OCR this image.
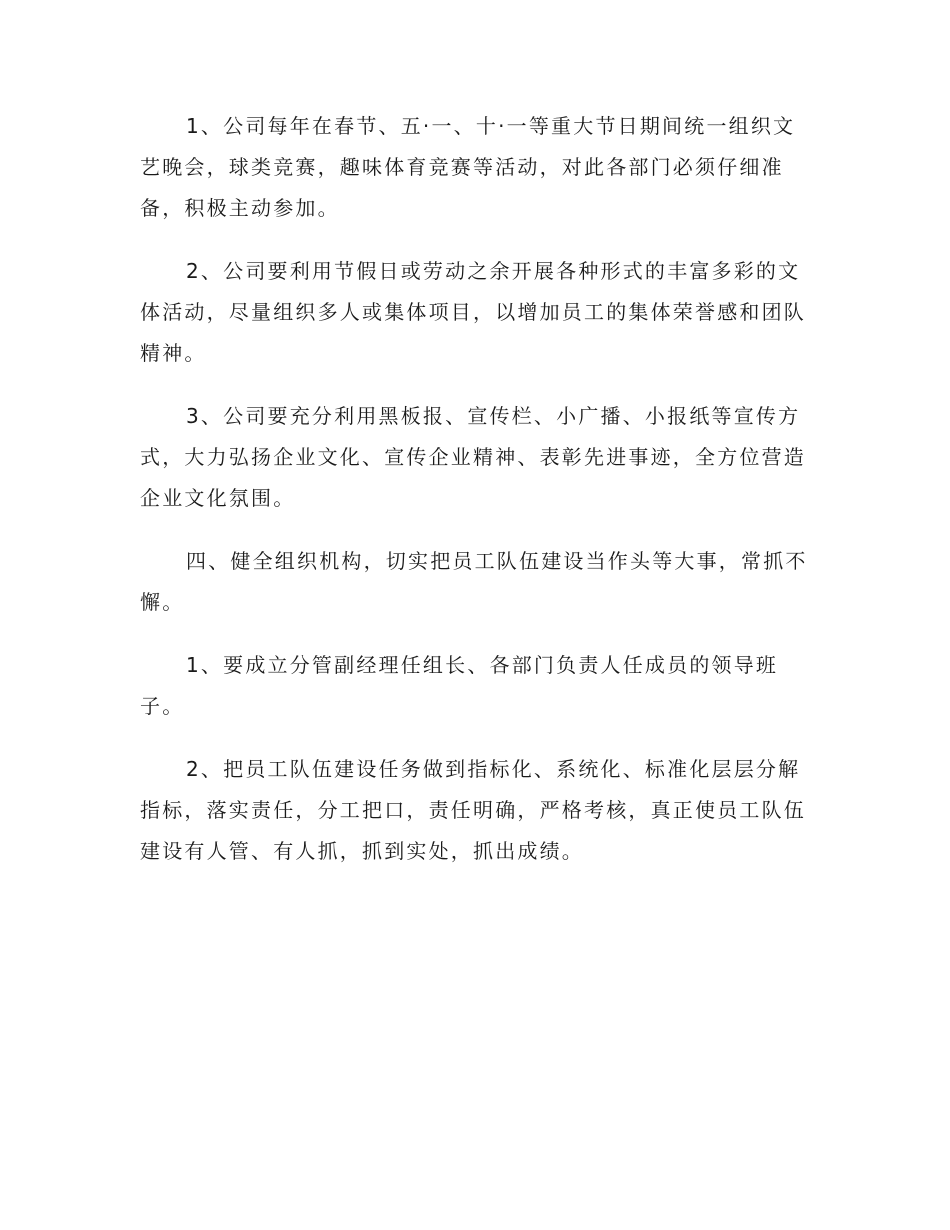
1、公司每年在春节、五·一、十·一等重大节日期间统一组织文艺晚会，球类竞赛，趣味体育竞赛等活动，对此各部门必须仔细准备，积极主动参加。

2、公司要利用节假日或劳动之余开展各种形式的丰富多彩的文体活动，尽量组织多人或集体项目，以增加员工的集体荣誉感和团队精神。

3、公司要充分利用黑板报、宣传栏、小广播、小报纸等宣传方式，大力弘扬企业文化、宣传企业精神、表彰先进事迹，全方位营造企业文化氛围。

四、健全组织机构，切实把员工队伍建设当作头等大事，常抓不懈。

1、要成立分管副经理任组长、各部门负责人任成员的领导班子。

2、把员工队伍建设任务做到指标化、系统化、标准化层层分解指标，落实责任，分工把口，责任明确，严格考核，真正使员工队伍建设有人管、有人抓，抓到实处，抓出成绩。
